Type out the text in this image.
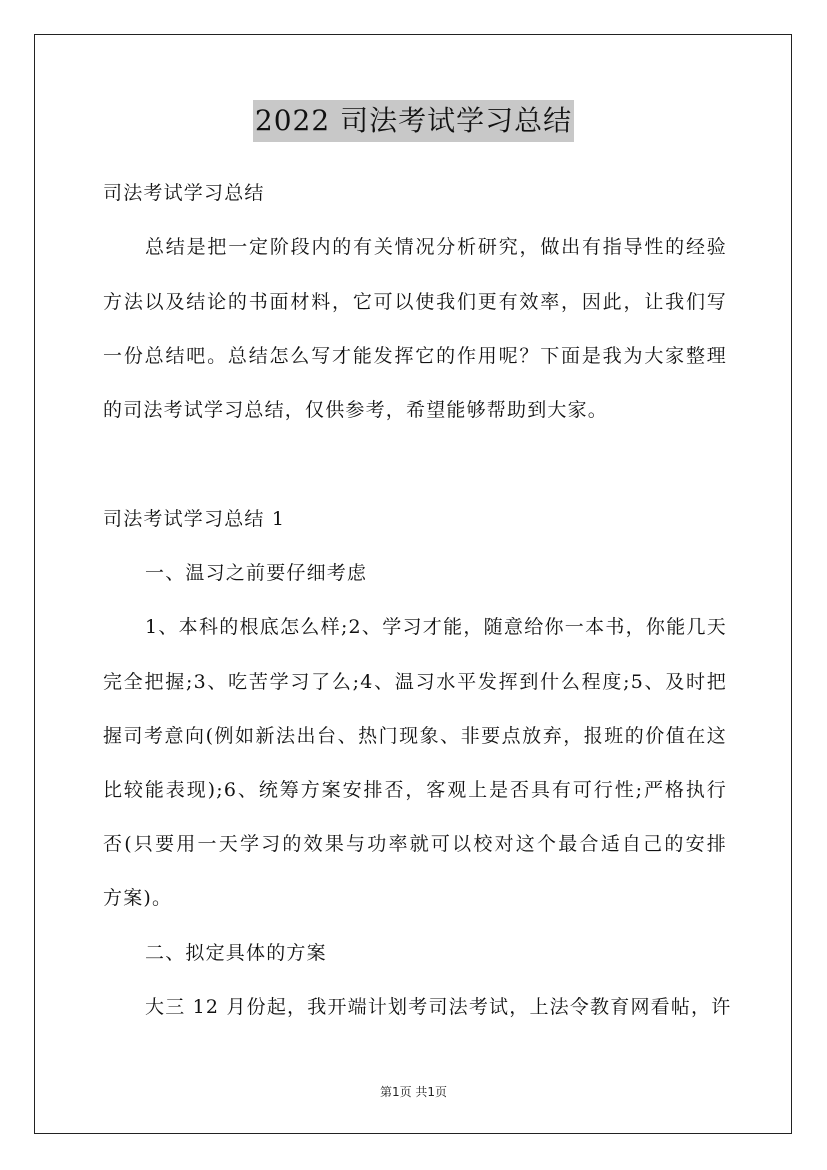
2022 司法考试学习总结
司法考试学习总结
总结是把一定阶段内的有关情况分析研究，做出有指导性的经验
方法以及结论的书面材料，它可以使我们更有效率，因此，让我们写
一份总结吧。总结怎么写才能发挥它的作用呢？下面是我为大家整理
的司法考试学习总结，仅供参考，希望能够帮助到大家。
司法考试学习总结 1
一、温习之前要仔细考虑
1、本科的根底怎么样;2、学习才能，随意给你一本书，你能几天
完全把握;3、吃苦学习了么;4、温习水平发挥到什么程度;5、及时把
握司考意向(例如新法出台、热门现象、非要点放弃，报班的价值在这
比较能表现);6、统筹方案安排否，客观上是否具有可行性;严格执行
否(只要用一天学习的效果与功率就可以校对这个最合适自己的安排
方案)。
二、拟定具体的方案
大三 12 月份起，我开端计划考司法考试，上法令教育网看帖，许
第1页 共1页
